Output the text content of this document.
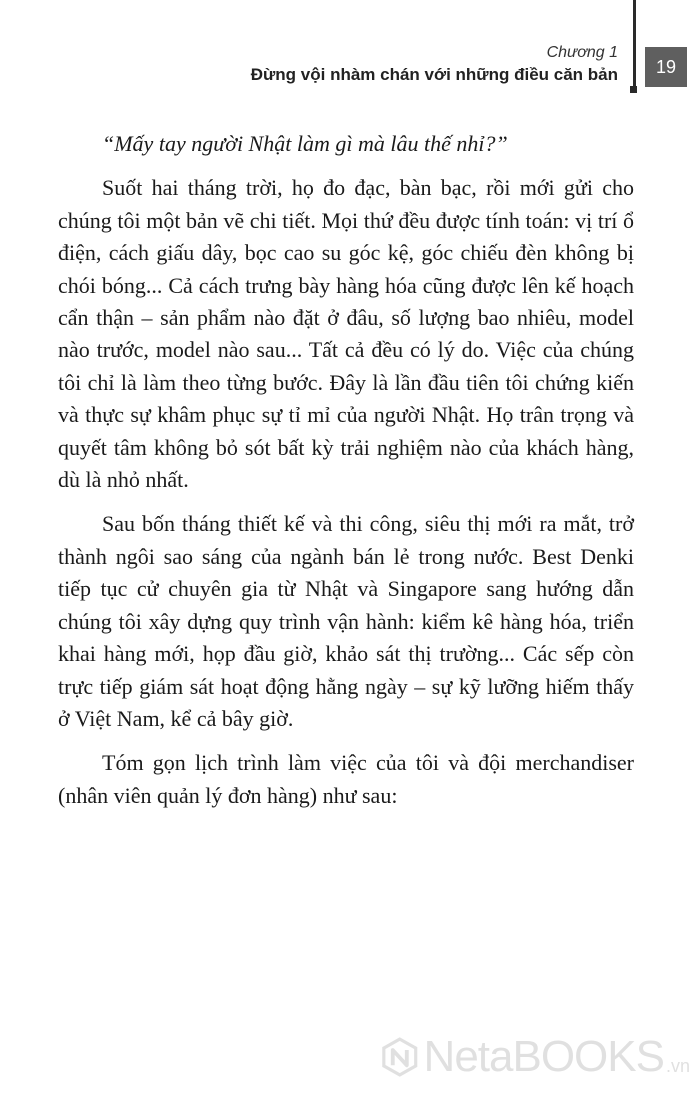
Chương 1
Đừng vội nhàm chán với những điều căn bản	19

“Mấy tay người Nhật làm gì mà lâu thế nhỉ?”

Suốt hai tháng trời, họ đo đạc, bàn bạc, rồi mới gửi cho chúng tôi một bản vẽ chi tiết. Mọi thứ đều được tính toán: vị trí ổ điện, cách giấu dây, bọc cao su góc kệ, góc chiếu đèn không bị chói bóng... Cả cách trưng bày hàng hóa cũng được lên kế hoạch cẩn thận – sản phẩm nào đặt ở đâu, số lượng bao nhiêu, model nào trước, model nào sau... Tất cả đều có lý do. Việc của chúng tôi chỉ là làm theo từng bước. Đây là lần đầu tiên tôi chứng kiến và thực sự khâm phục sự tỉ mỉ của người Nhật. Họ trân trọng và quyết tâm không bỏ sót bất kỳ trải nghiệm nào của khách hàng, dù là nhỏ nhất.

Sau bốn tháng thiết kế và thi công, siêu thị mới ra mắt, trở thành ngôi sao sáng của ngành bán lẻ trong nước. Best Denki tiếp tục cử chuyên gia từ Nhật và Singapore sang hướng dẫn chúng tôi xây dựng quy trình vận hành: kiểm kê hàng hóa, triển khai hàng mới, họp đầu giờ, khảo sát thị trường... Các sếp còn trực tiếp giám sát hoạt động hằng ngày – sự kỹ lưỡng hiếm thấy ở Việt Nam, kể cả bây giờ.

Tóm gọn lịch trình làm việc của tôi và đội merchandiser (nhân viên quản lý đơn hàng) như sau:

NetaBOOKS .vn
